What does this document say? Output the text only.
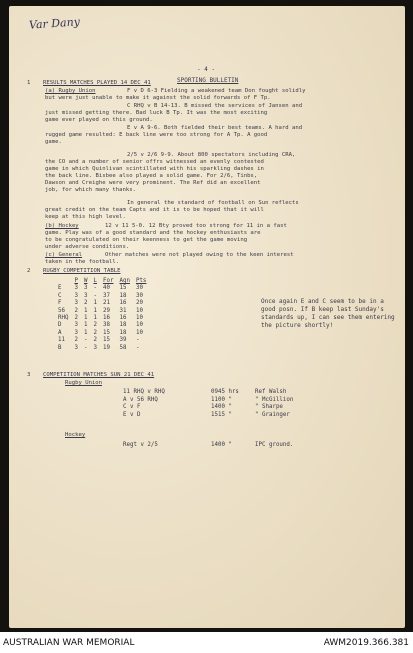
Var Dany
- 4 -
1 RESULTS MATCHES PLAYED 14 DEC 41	SPORTING BULLETIN
(a) Rugby Union	F v D 6-3 Fielding a weakened team Don fought solidly
but were just unable to make it against the solid forwards of F Tp.
C RHQ v B 14-13. B missed the services of Jansen and
just missed getting there. Bad luck B Tp. It was the most exciting
game ever played on this ground.
E v A 9-6. Both fielded their best teams. A hard and
rugged game resulted: E back line were too strong for A Tp. A good
game.
2/5 v 2/6 9-9. About 800 spectators including CRA,
the CO and a number of senior offrs witnessed an evenly contested
game in which Quinlivan scintillated with his sparkling dashes in
the back line. Bisbee also played a solid game. For 2/6, Tinbs,
Dawson and Creighe were very prominent. The Ref did an excellent
job, for which many thanks.
In general the standard of football on Sun reflects
great credit on the team Capts and it is to be hoped that it will
keep at this high level.
(b) Hockey	12 v 11 5-0. 12 Bty proved too strong for 11 in a fast
game. Play was of a good standard and the hockey enthusiasts are
to be congratulated on their keenness to get the game moving
under adverse conditions.
(c) General	Other matches were not played owing to the keen interest
taken in the football.
2 RUGBY COMPETITION TABLE
	P	W	L	For	Agn	Pts
E	3	3	-	40	15	30
C	3	3	-	37	18	30
F	3	2	1	21	16	20
56	2	1	1	29	31	10
RHQ	2	1	1	16	16	10
D	3	1	2	38	18	10
A	3	1	2	15	18	10
11	2	-	2	15	39	-
B	3	-	3	19	58	-
Once again E and C seem to be in a good posn. If B keep last Sunday's standards up, I can see them entering the picture shortly!
3 COMPETITION MATCHES SUN 21 DEC 41
Rugby Union
11 RHQ v RHQ	0945 hrs	Ref Walsh
A v 56 RHQ	1100 "	" McGillion
C v F	1400 "	" Sharpe
E v D	1515 "	" Grainger
Hockey
Regt v 2/5	1400 "	IPC ground.
AUSTRALIAN WAR MEMORIAL	AWM2019.366.381
